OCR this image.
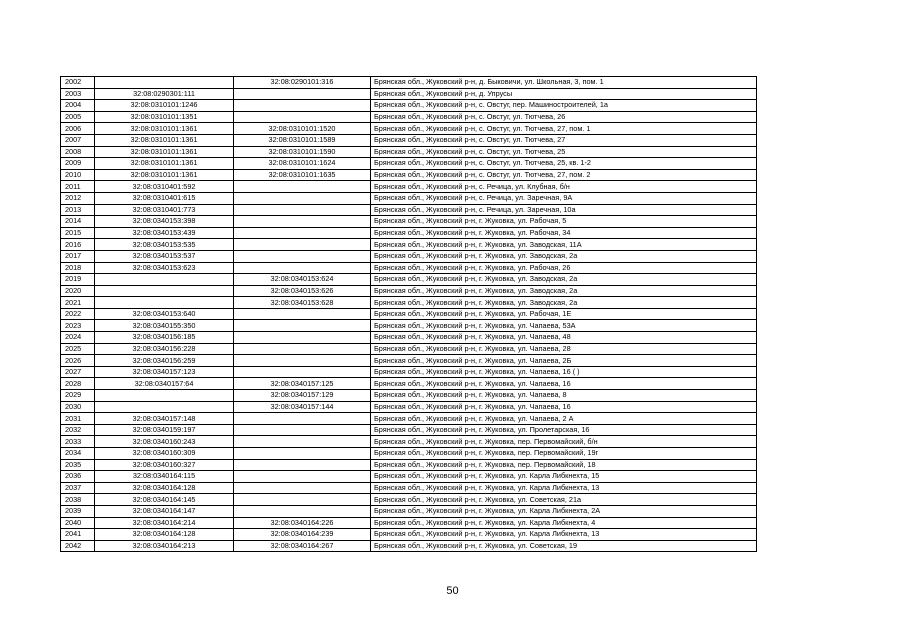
2002		32:08:0290101:316	Брянская обл., Жуковский р-н, д. Быковичи, ул. Школьная, 3, пом. 1
2003	32:08:0290301:111		Брянская обл., Жуковский р-н, д. Упрусы
2004	32:08:0310101:1246		Брянская обл., Жуковский р-н, с. Овстуг, пер. Машиностроителей, 1а
2005	32:08:0310101:1351		Брянская обл., Жуковский р-н, с. Овстуг, ул. Тютчева, 26
2006	32:08:0310101:1361	32:08:0310101:1520	Брянская обл., Жуковский р-н, с. Овстуг, ул. Тютчева, 27, пом. 1
2007	32:08:0310101:1361	32:08:0310101:1589	Брянская обл., Жуковский р-н, с. Овстуг, ул. Тютчева, 27
2008	32:08:0310101:1361	32:08:0310101:1590	Брянская обл., Жуковский р-н, с. Овстуг, ул. Тютчева, 25
2009	32:08:0310101:1361	32:08:0310101:1624	Брянская обл., Жуковский р-н, с. Овстуг, ул. Тютчева, 25, кв. 1-2
2010	32:08:0310101:1361	32:08:0310101:1635	Брянская обл., Жуковский р-н, с. Овстуг, ул. Тютчева, 27, пом. 2
2011	32:08:0310401:592		Брянская обл., Жуковский р-н, с. Речица, ул. Клубная, б/н
2012	32:08:0310401:615		Брянская обл., Жуковский р-н, с. Речица, ул. Заречная, 9А
2013	32:08:0310401:773		Брянская обл., Жуковский р-н, с. Речица, ул. Заречная, 10а
2014	32:08:0340153:398		Брянская обл., Жуковский р-н, г. Жуковка, ул. Рабочая, 5
2015	32:08:0340153:439		Брянская обл., Жуковский р-н, г. Жуковка, ул. Рабочая, 34
2016	32:08:0340153:535		Брянская обл., Жуковский р-н, г. Жуковка, ул. Заводская, 11А
2017	32:08:0340153:537		Брянская обл., Жуковский р-н, г. Жуковка, ул. Заводская, 2а
2018	32:08:0340153:623		Брянская обл., Жуковский р-н, г. Жуковка, ул. Рабочая, 26
2019		32:08:0340153:624	Брянская обл., Жуковский р-н, г. Жуковка, ул. Заводская, 2а
2020		32:08:0340153:626	Брянская обл., Жуковский р-н, г. Жуковка, ул. Заводская, 2а
2021		32:08:0340153:628	Брянская обл., Жуковский р-н, г. Жуковка, ул. Заводская, 2а
2022	32:08:0340153:640		Брянская обл., Жуковский р-н, г. Жуковка, ул. Рабочая, 1Е
2023	32:08:0340155:350		Брянская обл., Жуковский р-н, г. Жуковка, ул. Чапаева, 53А
2024	32:08:0340156:185		Брянская обл., Жуковский р-н, г. Жуковка, ул. Чапаева, 48
2025	32:08:0340156:228		Брянская обл., Жуковский р-н, г. Жуковка, ул. Чапаева, 28
2026	32:08:0340156:259		Брянская обл., Жуковский р-н, г. Жуковка, ул. Чапаева, 2Б
2027	32:08:0340157:123		Брянская обл., Жуковский р-н, г. Жуковка, ул. Чапаева, 16 ( )
2028	32:08:0340157:64	32:08:0340157:125	Брянская обл., Жуковский р-н, г. Жуковка, ул. Чапаева, 16
2029		32:08:0340157:129	Брянская обл., Жуковский р-н, г. Жуковка, ул. Чапаева, 8
2030		32:08:0340157:144	Брянская обл., Жуковский р-н, г. Жуковка, ул. Чапаева, 16
2031	32:08:0340157:148		Брянская обл., Жуковский р-н, г. Жуковка, ул. Чапаева, 2 А
2032	32:08:0340159:197		Брянская обл., Жуковский р-н, г. Жуковка, ул. Пролетарская, 16
2033	32:08:0340160:243		Брянская обл., Жуковский р-н, г. Жуковка, пер. Первомайский, б/н
2034	32:08:0340160:309		Брянская обл., Жуковский р-н, г. Жуковка, пер. Первомайский, 19г
2035	32:08:0340160:327		Брянская обл., Жуковский р-н, г. Жуковка, пер. Первомайский, 18
2036	32:08:0340164:115		Брянская обл., Жуковский р-н, г. Жуковка, ул. Карла Либкнехта, 15
2037	32:08:0340164:128		Брянская обл., Жуковский р-н, г. Жуковка, ул. Карла Либкнехта, 13
2038	32:08:0340164:145		Брянская обл., Жуковский р-н, г. Жуковка, ул. Советская, 21а
2039	32:08:0340164:147		Брянская обл., Жуковский р-н, г. Жуковка, ул. Карла Либкнехта, 2А
2040	32:08:0340164:214	32:08:0340164:226	Брянская обл., Жуковский р-н, г. Жуковка, ул. Карла Либкнехта, 4
2041	32:08:0340164:128	32:08:0340164:239	Брянская обл., Жуковский р-н, г. Жуковка, ул. Карла Либкнехта, 13
2042	32:08:0340164:213	32:08:0340164:267	Брянская обл., Жуковский р-н, г. Жуковка, ул. Советская, 19
50
